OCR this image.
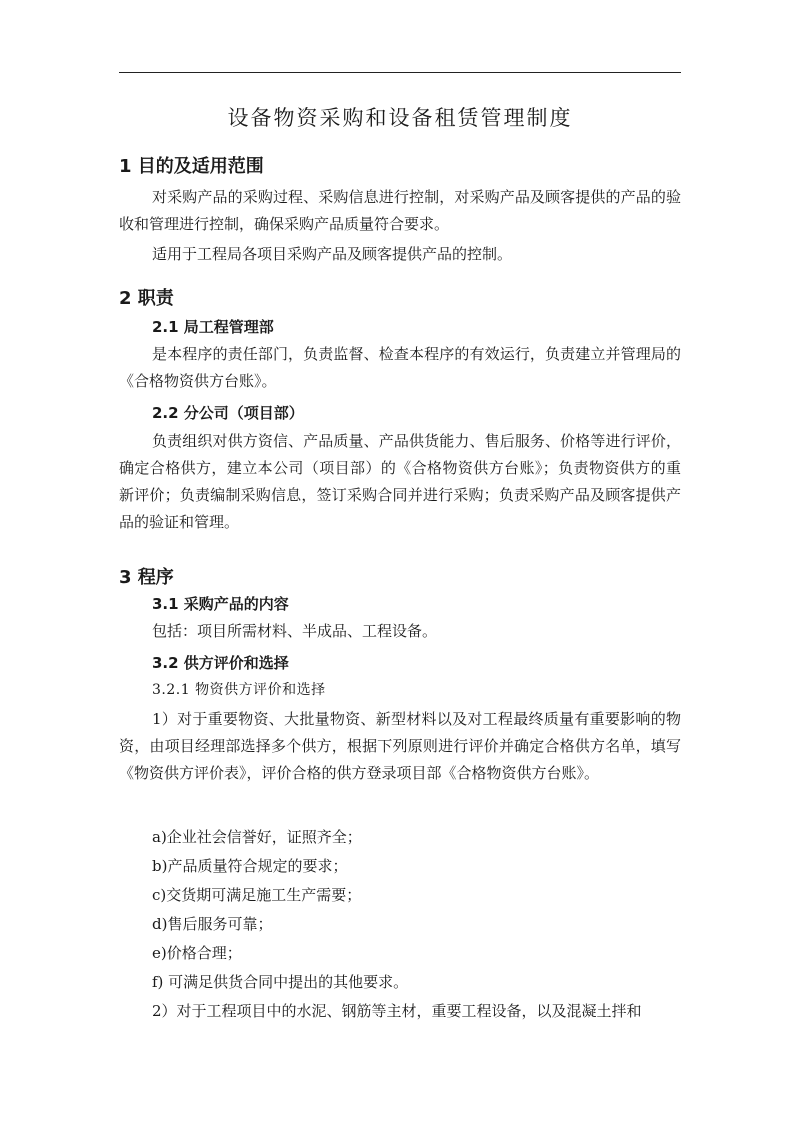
设备物资采购和设备租赁管理制度
1 目的及适用范围
对采购产品的采购过程、采购信息进行控制，对采购产品及顾客提供的产品的验收和管理进行控制，确保采购产品质量符合要求。
适用于工程局各项目采购产品及顾客提供产品的控制。
2 职责
2.1 局工程管理部
是本程序的责任部门，负责监督、检查本程序的有效运行，负责建立并管理局的《合格物资供方台账》。
2.2 分公司（项目部）
负责组织对供方资信、产品质量、产品供货能力、售后服务、价格等进行评价，确定合格供方，建立本公司（项目部）的《合格物资供方台账》；负责物资供方的重新评价；负责编制采购信息，签订采购合同并进行采购；负责采购产品及顾客提供产品的验证和管理。
3 程序
3.1 采购产品的内容
包括：项目所需材料、半成品、工程设备。
3.2 供方评价和选择
3.2.1 物资供方评价和选择
1）对于重要物资、大批量物资、新型材料以及对工程最终质量有重要影响的物资，由项目经理部选择多个供方，根据下列原则进行评价并确定合格供方名单，填写《物资供方评价表》，评价合格的供方登录项目部《合格物资供方台账》。
a)企业社会信誉好，证照齐全；
b)产品质量符合规定的要求；
c)交货期可满足施工生产需要；
d)售后服务可靠；
e)价格合理；
f) 可满足供货合同中提出的其他要求。
2）对于工程项目中的水泥、钢筋等主材，重要工程设备，以及混凝土拌和
